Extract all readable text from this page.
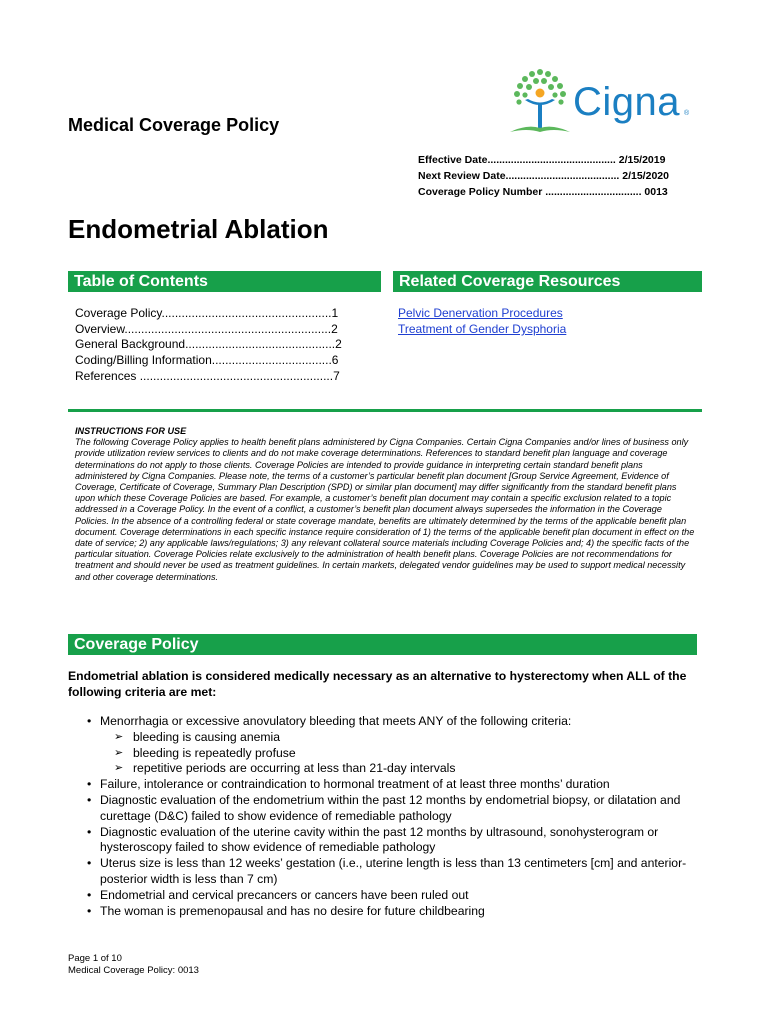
Cigna ®
Medical Coverage Policy
Effective Date............................................ 2/15/2019
Next Review Date....................................... 2/15/2020
Coverage Policy Number ................................. 0013
Endometrial Ablation
Table of Contents	Related Coverage Resources
Coverage Policy...................................................1
Overview..............................................................2
General Background.............................................2
Coding/Billing Information....................................6
References ..........................................................7
Pelvic Denervation Procedures
Treatment of Gender Dysphoria
INSTRUCTIONS FOR USE
The following Coverage Policy applies to health benefit plans administered by Cigna Companies. Certain Cigna Companies and/or lines of business only provide utilization review services to clients and do not make coverage determinations. References to standard benefit plan language and coverage determinations do not apply to those clients. Coverage Policies are intended to provide guidance in interpreting certain standard benefit plans administered by Cigna Companies. Please note, the terms of a customer’s particular benefit plan document [Group Service Agreement, Evidence of Coverage, Certificate of Coverage, Summary Plan Description (SPD) or similar plan document] may differ significantly from the standard benefit plans upon which these Coverage Policies are based. For example, a customer’s benefit plan document may contain a specific exclusion related to a topic addressed in a Coverage Policy. In the event of a conflict, a customer’s benefit plan document always supersedes the information in the Coverage Policies. In the absence of a controlling federal or state coverage mandate, benefits are ultimately determined by the terms of the applicable benefit plan document. Coverage determinations in each specific instance require consideration of 1) the terms of the applicable benefit plan document in effect on the date of service; 2) any applicable laws/regulations; 3) any relevant collateral source materials including Coverage Policies and; 4) the specific facts of the particular situation. Coverage Policies relate exclusively to the administration of health benefit plans. Coverage Policies are not recommendations for treatment and should never be used as treatment guidelines. In certain markets, delegated vendor guidelines may be used to support medical necessity and other coverage determinations.
Coverage Policy
Endometrial ablation is considered medically necessary as an alternative to hysterectomy when ALL of the following criteria are met:
• Menorrhagia or excessive anovulatory bleeding that meets ANY of the following criteria:
➢ bleeding is causing anemia
➢ bleeding is repeatedly profuse
➢ repetitive periods are occurring at less than 21-day intervals
• Failure, intolerance or contraindication to hormonal treatment of at least three months’ duration
• Diagnostic evaluation of the endometrium within the past 12 months by endometrial biopsy, or dilatation and curettage (D&C) failed to show evidence of remediable pathology
• Diagnostic evaluation of the uterine cavity within the past 12 months by ultrasound, sonohysterogram or hysteroscopy failed to show evidence of remediable pathology
• Uterus size is less than 12 weeks’ gestation (i.e., uterine length is less than 13 centimeters [cm] and anterior-posterior width is less than 7 cm)
• Endometrial and cervical precancers or cancers have been ruled out
• The woman is premenopausal and has no desire for future childbearing
Page 1 of 10
Medical Coverage Policy: 0013
